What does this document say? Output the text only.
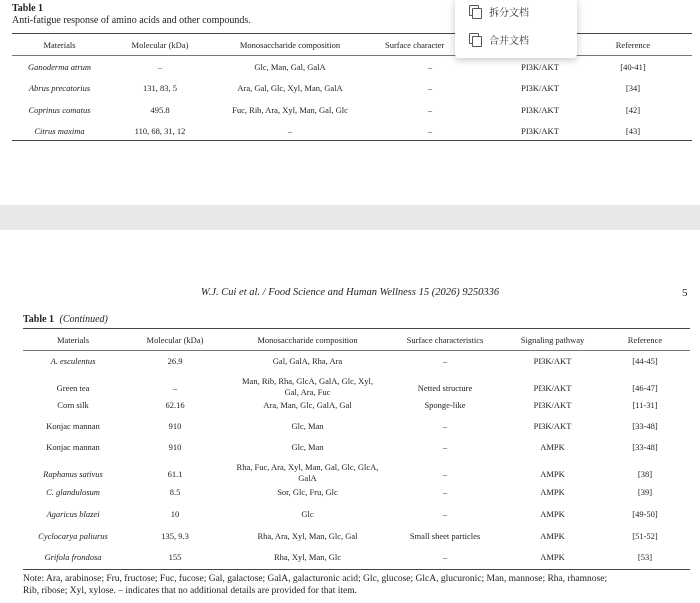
Table 1
Anti-fatigue response of amino acids and other compounds.
Materials	Molecular (kDa)	Monosaccharide composition	Surface character	Reference
Ganoderma atrum	–	Glc, Man, Gal, GalA	–	PI3K/AKT	[40-41]
Abrus precatorius	131, 83, 5	Ara, Gal, Glc, Xyl, Man, GalA	–	PI3K/AKT	[34]
Coprinus comatus	495.8	Fuc, Rib, Ara, Xyl, Man, Gal, Glc	–	PI3K/AKT	[42]
Citrus maxima	110, 68, 31, 12	–	–	PI3K/AKT	[43]
W.J. Cui et al. / Food Science and Human Wellness 15 (2026) 9250336	5
Table 1 (Continued)
Materials	Molecular (kDa)	Monosaccharide composition	Surface characteristics	Signaling pathway	Reference
A. esculentus	26.9	Gal, GalA, Rha, Ara	–	PI3K/AKT	[44-45]
Green tea	–
Man, Rib, Rha, GlcA, GalA, Glc, Xyl,
Gal, Ara, Fuc	Netted structure	PI3K/AKT	[46-47]
Corn silk	62.16	Ara, Man, Glc, GalA, Gal	Sponge-like	PI3K/AKT	[11-31]
Konjac mannan	910	Glc, Man	–	PI3K/AKT	[33-48]
Konjac mannan	910	Glc, Man	–	AMPK	[33-48]
Raphanus sativus	61.1
Rha, Fuc, Ara, Xyl, Man, Gal, Glc, GlcA,
GalA	–	AMPK	[38]
C. glandulosum	8.5	Sor, Glc, Fru, Glc	–	AMPK	[39]
Agaricus blazei	10	Glc	–	AMPK	[49-50]
Cyclocarya paliurus	135, 9.3	Rha, Ara, Xyl, Man, Glc, Gal	Small sheet particles	AMPK	[51-52]
Grifola frondosa	155	Rha, Xyl, Man, Glc	–	AMPK	[53]
Note: Ara, arabinose; Fru, fructose; Fuc, fucose; Gal, galactose; GalA, galacturonic acid; Glc, glucose; GlcA, glucuronic; Man, mannose; Rha, rhamnose;
Rib, ribose; Xyl, xylose. – indicates that no additional details are provided for that item.
拆分文档
合并文档
